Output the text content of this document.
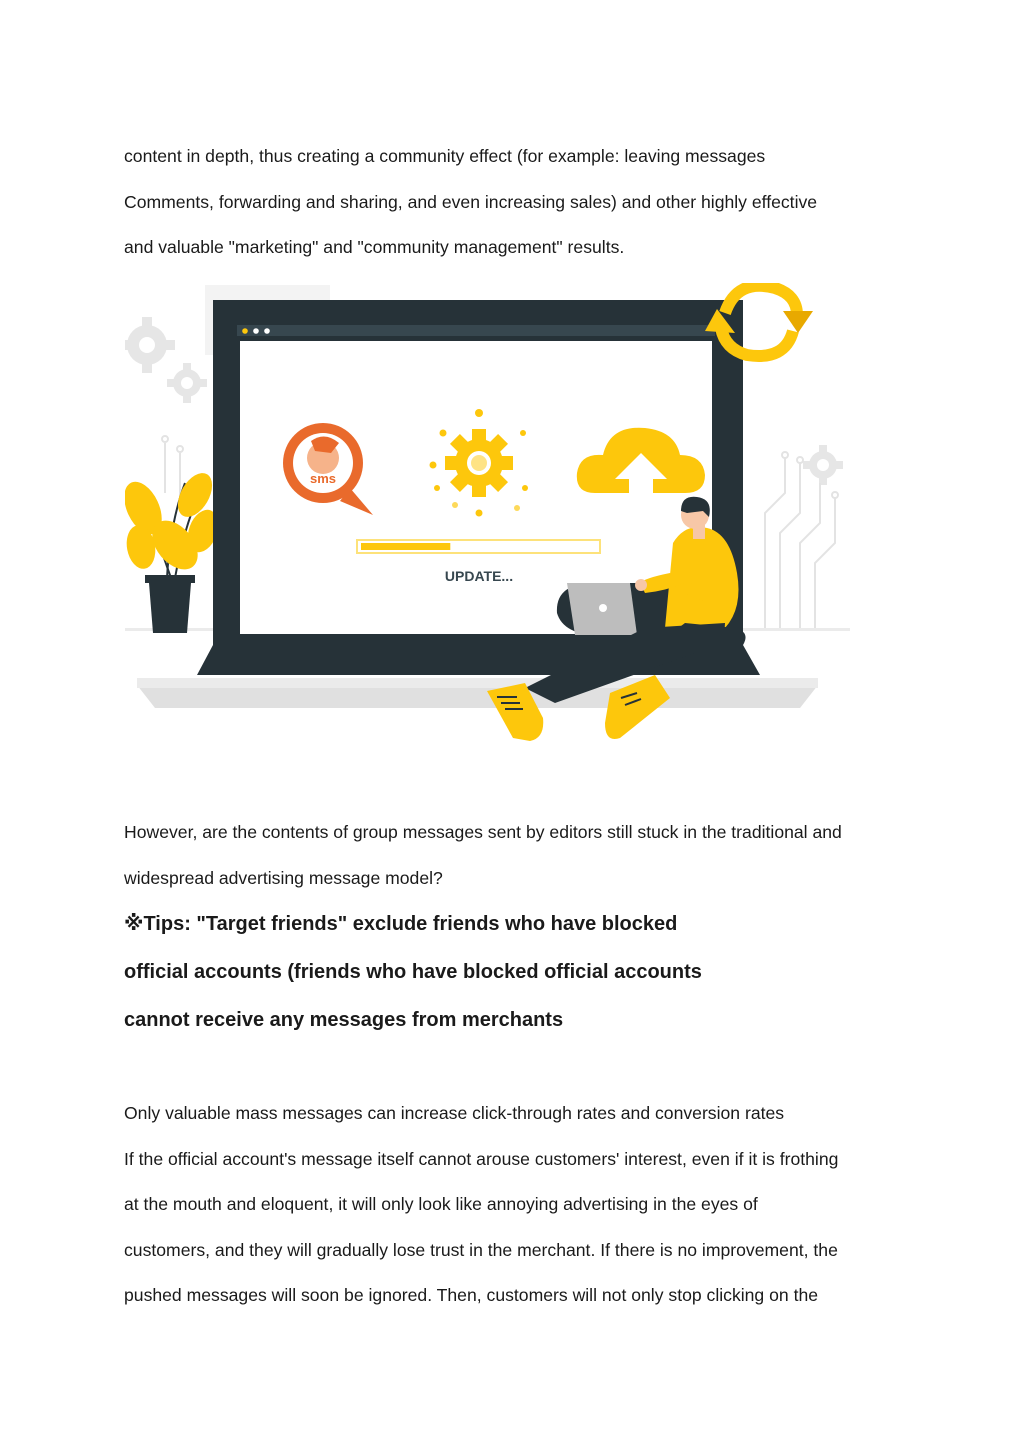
content in depth, thus creating a community effect (for example: leaving messages
Comments, forwarding and sharing, and even increasing sales) and other highly effective
and valuable "marketing" and "community management" results.
sms
UPDATE...
However, are the contents of group messages sent by editors still stuck in the traditional and
widespread advertising message model?
※Tips: "Target friends" exclude friends who have blocked
official accounts (friends who have blocked official accounts
cannot receive any messages from merchants
Only valuable mass messages can increase click-through rates and conversion rates
If the official account's message itself cannot arouse customers' interest, even if it is frothing
at the mouth and eloquent, it will only look like annoying advertising in the eyes of
customers, and they will gradually lose trust in the merchant. If there is no improvement, the
pushed messages will soon be ignored. Then, customers will not only stop clicking on the
